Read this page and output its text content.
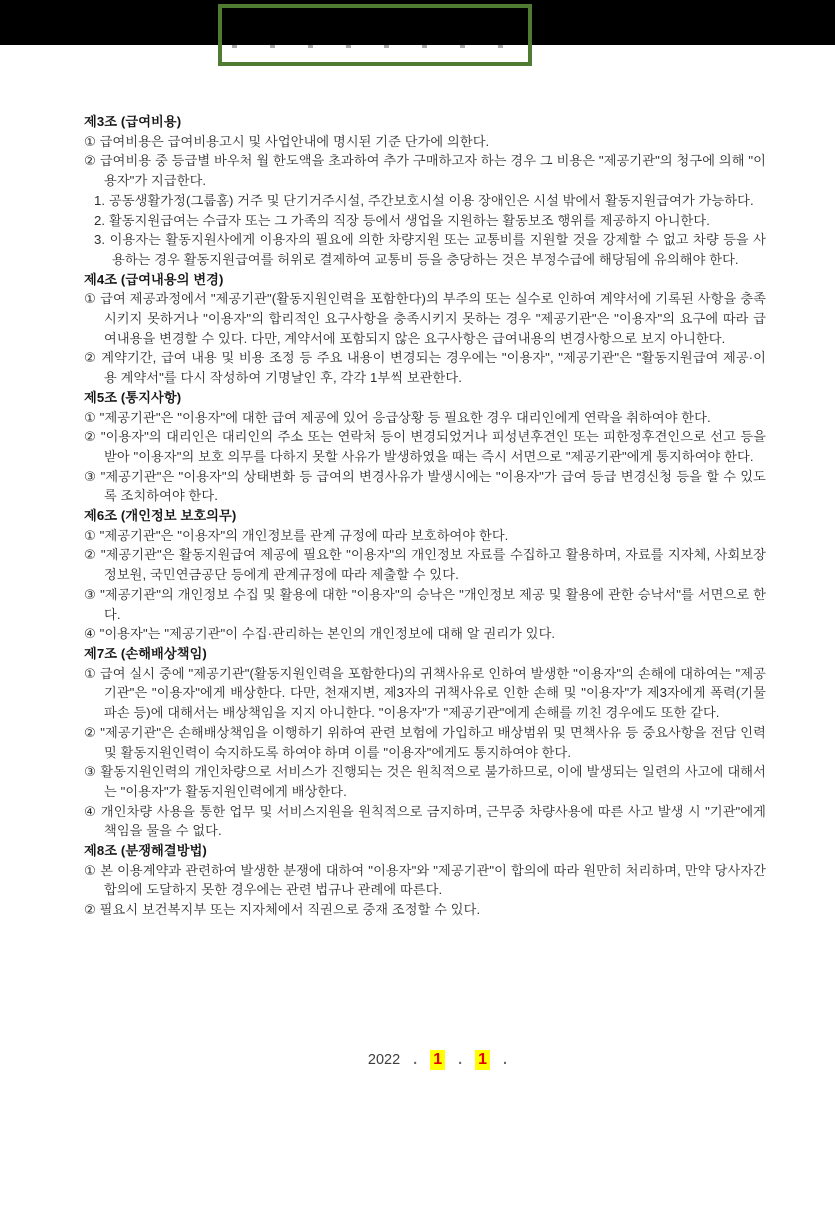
제3조 (급여비용)
① 급여비용은 급여비용고시 및 사업안내에 명시된 기준 단가에 의한다.
② 급여비용 중 등급별 바우처 월 한도액을 초과하여 추가 구매하고자 하는 경우 그 비용은 "제공기관"의 청구에 의해 "이용자"가 지급한다.
1. 공동생활가정(그룹홈) 거주 및 단기거주시설, 주간보호시설 이용 장애인은 시설 밖에서 활동지원급여가 가능하다.
2. 활동지원급여는 수급자 또는 그 가족의 직장 등에서 생업을 지원하는 활동보조 행위를 제공하지 아니한다.
3. 이용자는 활동지원사에게 이용자의 필요에 의한 차량지원 또는 교통비를 지원할 것을 강제할 수 없고 차량 등을 사용하는 경우 활동지원급여를 허위로 결제하여 교통비 등을 충당하는 것은 부정수급에 해당됨에 유의해야 한다.
제4조 (급여내용의 변경)
① 급여 제공과정에서 "제공기관"(활동지원인력을 포함한다)의 부주의 또는 실수로 인하여 계약서에 기록된 사항을 충족시키지 못하거나 "이용자"의 합리적인 요구사항을 충족시키지 못하는 경우 "제공기관"은 "이용자"의 요구에 따라 급여내용을 변경할 수 있다. 다만, 계약서에 포함되지 않은 요구사항은 급여내용의 변경사항으로 보지 아니한다.
② 계약기간, 급여 내용 및 비용 조정 등 주요 내용이 변경되는 경우에는 "이용자", "제공기관"은 "활동지원급여 제공·이용 계약서"를 다시 작성하여 기명날인 후, 각각 1부씩 보관한다.
제5조 (통지사항)
① "제공기관"은 "이용자"에 대한 급여 제공에 있어 응급상황 등 필요한 경우 대리인에게 연락을 취하여야 한다.
② "이용자"의 대리인은 대리인의 주소 또는 연락처 등이 변경되었거나 피성년후견인 또는 피한정후견인으로 선고 등을 받아 "이용자"의 보호 의무를 다하지 못할 사유가 발생하였을 때는 즉시 서면으로 "제공기관"에게 통지하여야 한다.
③ "제공기관"은 "이용자"의 상태변화 등 급여의 변경사유가 발생시에는 "이용자"가 급여 등급 변경신청 등을 할 수 있도록 조치하여야 한다.
제6조 (개인정보 보호의무)
① "제공기관"은 "이용자"의 개인정보를 관계 규정에 따라 보호하여야 한다.
② "제공기관"은 활동지원급여 제공에 필요한 "이용자"의 개인정보 자료를 수집하고 활용하며, 자료를 지자체, 사회보장정보원, 국민연금공단 등에게 관계규정에 따라 제출할 수 있다.
③ "제공기관"의 개인정보 수집 및 활용에 대한 "이용자"의 승낙은 "개인정보 제공 및 활용에 관한 승낙서"를 서면으로 한다.
④ "이용자"는 "제공기관"이 수집·관리하는 본인의 개인정보에 대해 알 권리가 있다.
제7조 (손해배상책임)
① 급여 실시 중에 "제공기관"(활동지원인력을 포함한다)의 귀책사유로 인하여 발생한 "이용자"의 손해에 대하여는 "제공기관"은 "이용자"에게 배상한다. 다만, 천재지변, 제3자의 귀책사유로 인한 손해 및 "이용자"가 제3자에게 폭력(기물파손 등)에 대해서는 배상책임을 지지 아니한다. "이용자"가 "제공기관"에게 손해를 끼친 경우에도 또한 같다.
② "제공기관"은 손해배상책임을 이행하기 위하여 관련 보험에 가입하고 배상범위 및 면책사유 등 중요사항을 전담 인력 및 활동지원인력이 숙지하도록 하여야 하며 이를 "이용자"에게도 통지하여야 한다.
③ 활동지원인력의 개인차량으로 서비스가 진행되는 것은 원칙적으로 불가하므로, 이에 발생되는 일련의 사고에 대해서는 "이용자"가 활동지원인력에게 배상한다.
④ 개인차량 사용을 통한 업무 및 서비스지원을 원칙적으로 금지하며, 근무중 차량사용에 따른 사고 발생 시 "기관"에게 책임을 물을 수 없다.
제8조 (분쟁해결방법)
① 본 이용계약과 관련하여 발생한 분쟁에 대하여 "이용자"와 "제공기관"이 합의에 따라 원만히 처리하며, 만약 당사자간 합의에 도달하지 못한 경우에는 관련 법규나 관례에 따른다.
② 필요시 보건복지부 또는 지자체에서 직권으로 중재 조정할 수 있다.
2022 . 1 . 1 .
